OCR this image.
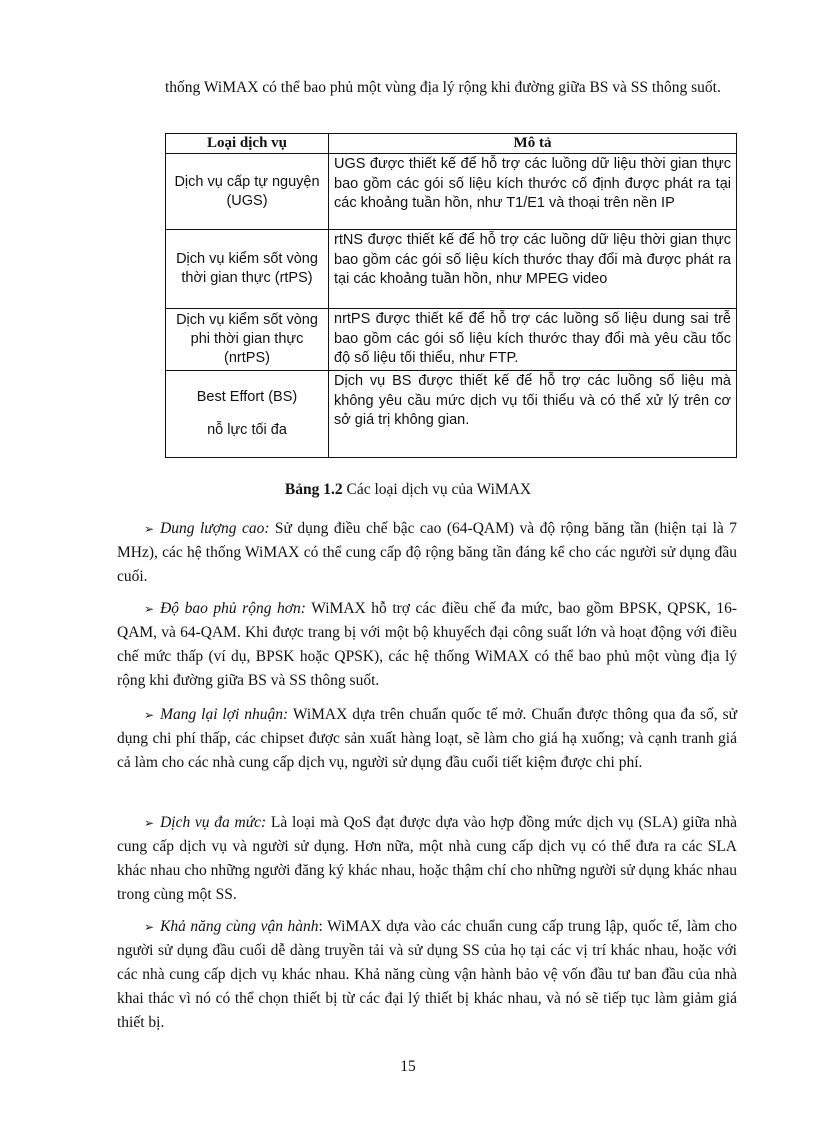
thống WiMAX có thể bao phủ một vùng địa lý rộng khi đường giữa BS và SS thông suốt.

Loại dịch vụ	Mô tả
Dịch vụ cấp tự nguyện (UGS)	UGS được thiết kế để hỗ trợ các luồng dữ liệu thời gian thực bao gồm các gói số liệu kích thước cố định được phát ra tại các khoảng tuần hồn, như T1/E1 và thoại trên nền IP
Dịch vụ kiểm sốt vòng thời gian thực (rtPS)	rtNS được thiết kế để hỗ trợ các luồng dữ liệu thời gian thực bao gồm các gói số liệu kích thước thay đổi mà được phát ra tại các khoảng tuần hồn, như MPEG video
Dịch vụ kiểm sốt vòng phi thời gian thực (nrtPS)	nrtPS được thiết kế để hỗ trợ các luồng số liệu dung sai trễ bao gồm các gói số liệu kích thước thay đổi mà yêu cầu tốc độ số liệu tối thiểu, như FTP.
Best Effort (BS)
nỗ lực tối đa	Dịch vụ BS được thiết kế để hỗ trợ các luồng số liệu mà không yêu cầu mức dịch vụ tối thiểu và có thể xử lý trên cơ sở giá trị không gian.
Bảng 1.2 Các loại dịch vụ của WiMAX

➢ Dung lượng cao: Sử dụng điều chế bậc cao (64-QAM) và độ rộng băng tần (hiện tại là 7 MHz), các hệ thống WiMAX có thể cung cấp độ rộng băng tần đáng kể cho các người sử dụng đầu cuối.

➢ Độ bao phủ rộng hơn: WiMAX hỗ trợ các điều chế đa mức, bao gồm BPSK, QPSK, 16-QAM, và 64-QAM. Khi được trang bị với một bộ khuyếch đại công suất lớn và hoạt động với điều chế mức thấp (ví dụ, BPSK hoặc QPSK), các hệ thống WiMAX có thể bao phủ một vùng địa lý rộng khi đường giữa BS và SS thông suốt.

➢ Mang lại lợi nhuận: WiMAX dựa trên chuẩn quốc tế mở. Chuẩn được thông qua đa số, sử dụng chi phí thấp, các chipset được sản xuất hàng loạt, sẽ làm cho giá hạ xuống; và cạnh tranh giá cả làm cho các nhà cung cấp dịch vụ, người sử dụng đầu cuối tiết kiệm được chi phí.

➢ Dịch vụ đa mức: Là loại mà QoS đạt được dựa vào hợp đồng mức dịch vụ (SLA) giữa nhà cung cấp dịch vụ và người sử dụng. Hơn nữa, một nhà cung cấp dịch vụ có thể đưa ra các SLA khác nhau cho những người đăng ký khác nhau, hoặc thậm chí cho những người sử dụng khác nhau trong cùng một SS.

➢ Khả năng cùng vận hành: WiMAX dựa vào các chuẩn cung cấp trung lập, quốc tế, làm cho người sử dụng đầu cuối dễ dàng truyền tải và sử dụng SS của họ tại các vị trí khác nhau, hoặc với các nhà cung cấp dịch vụ khác nhau. Khả năng cùng vận hành bảo vệ vốn đầu tư ban đầu của nhà khai thác vì nó có thể chọn thiết bị từ các đại lý thiết bị khác nhau, và nó sẽ tiếp tục làm giảm giá thiết bị.

15
